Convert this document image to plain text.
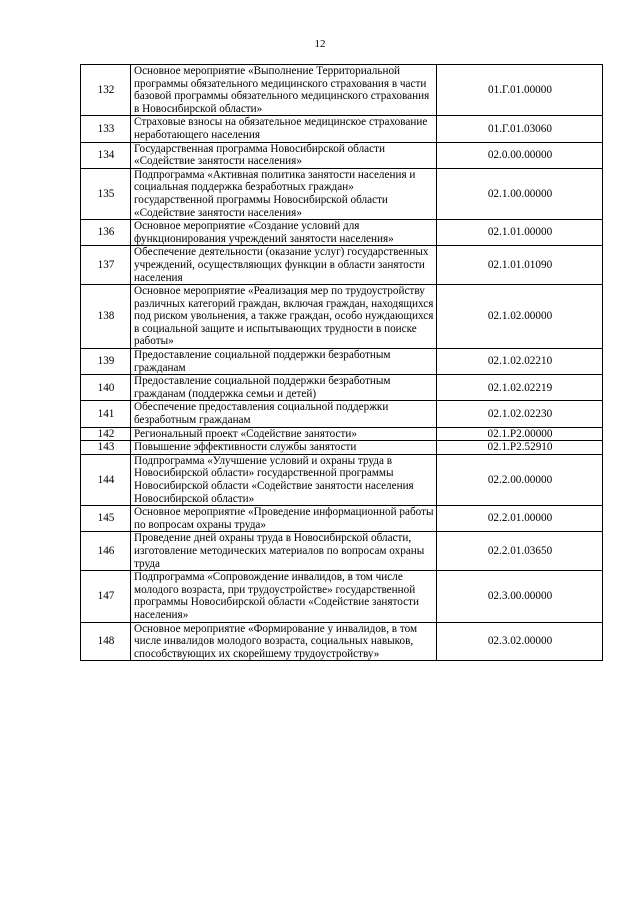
12
132	Основное мероприятие «Выполнение Территориальной программы обязательного медицинского страхования в части базовой программы обязательного медицинского страхования в Новосибирской области»	01.Г.01.00000
133	Страховые взносы на обязательное медицинское страхование неработающего населения	01.Г.01.03060
134	Государственная программа Новосибирской области «Содействие занятости населения»	02.0.00.00000
135	Подпрограмма «Активная политика занятости населения и социальная поддержка безработных граждан» государственной программы Новосибирской области «Содействие занятости населения»	02.1.00.00000
136	Основное мероприятие «Создание условий для функционирования учреждений занятости населения»	02.1.01.00000
137	Обеспечение деятельности (оказание услуг) государственных учреждений, осуществляющих функции в области занятости населения	02.1.01.01090
138	Основное мероприятие «Реализация мер по трудоустройству различных категорий граждан, включая граждан, находящихся под риском увольнения, а также граждан, особо нуждающихся в социальной защите и испытывающих трудности в поиске работы»	02.1.02.00000
139	Предоставление социальной поддержки безработным гражданам	02.1.02.02210
140	Предоставление социальной поддержки безработным гражданам (поддержка семьи и детей)	02.1.02.02219
141	Обеспечение предоставления социальной поддержки безработным гражданам	02.1.02.02230
142	Региональный проект «Содействие занятости»	02.1.P2.00000
143	Повышение эффективности службы занятости	02.1.P2.52910
144	Подпрограмма «Улучшение условий и охраны труда в Новосибирской области» государственной программы Новосибирской области «Содействие занятости населения Новосибирской области»	02.2.00.00000
145	Основное мероприятие «Проведение информационной работы по вопросам охраны труда»	02.2.01.00000
146	Проведение дней охраны труда в Новосибирской области, изготовление методических материалов по вопросам охраны труда	02.2.01.03650
147	Подпрограмма «Сопровождение инвалидов, в том числе молодого возраста, при трудоустройстве» государственной программы Новосибирской области «Содействие занятости населения»	02.3.00.00000
148	Основное мероприятие «Формирование у инвалидов, в том числе инвалидов молодого возраста, социальных навыков, способствующих их скорейшему трудоустройству»	02.3.02.00000
